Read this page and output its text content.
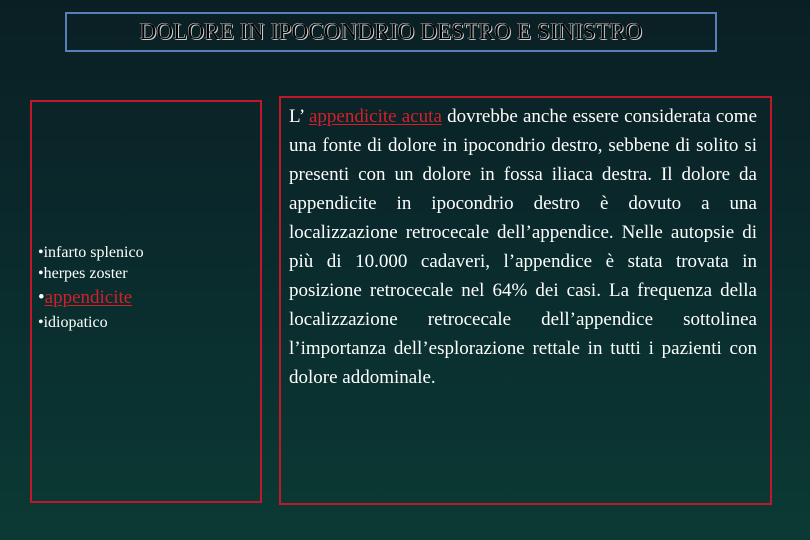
DOLORE IN IPOCONDRIO DESTRO E SINISTRO
•infarto splenico
•herpes zoster
•appendicite
•idiopatico

L’ appendicite acuta dovrebbe anche essere considerata come una fonte di dolore in ipocondrio destro, sebbene di solito si presenti con un dolore in fossa iliaca destra. Il dolore da appendicite in ipocondrio destro è dovuto a una localizzazione retrocecale dell’appendice. Nelle autopsie di più di 10.000 cadaveri, l’appendice è stata trovata in posizione retrocecale nel 64% dei casi. La frequenza della localizzazione retrocecale dell’appendice sottolinea l’importanza dell’esplorazione rettale in tutti i pazienti con dolore addominale.
